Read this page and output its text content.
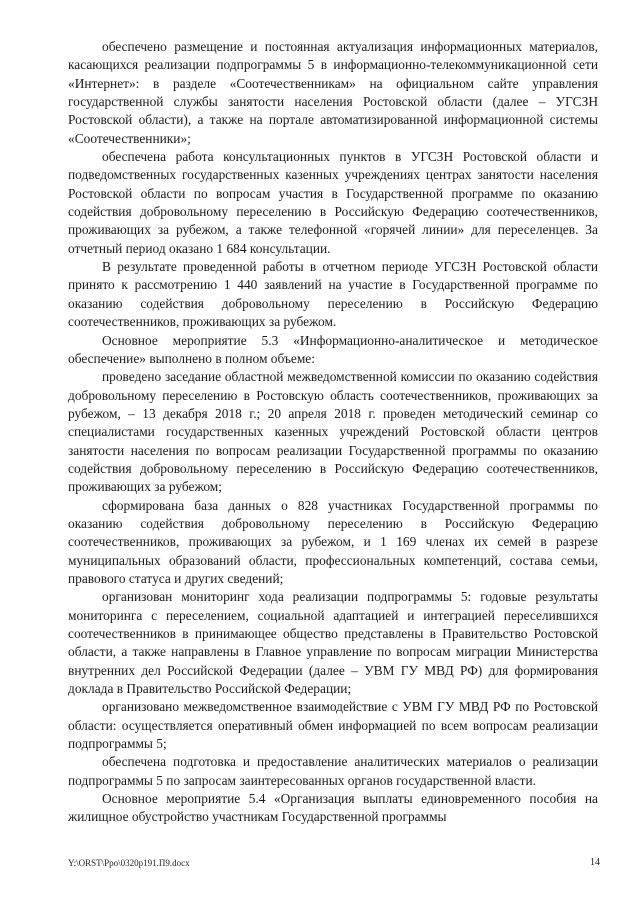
обеспечено размещение и постоянная актуализация информационных материалов, касающихся реализации подпрограммы 5 в информационно-телекоммуникационной сети «Интернет»: в разделе «Соотечественникам» на официальном сайте управления государственной службы занятости населения Ростовской области (далее – УГСЗН Ростовской области), а также на портале автоматизированной информационной системы «Соотечественники»;

обеспечена работа консультационных пунктов в УГСЗН Ростовской области и подведомственных государственных казенных учреждениях центрах занятости населения Ростовской области по вопросам участия в Государственной программе по оказанию содействия добровольному переселению в Российскую Федерацию соотечественников, проживающих за рубежом, а также телефонной «горячей линии» для переселенцев. За отчетный период оказано 1 684 консультации.

В результате проведенной работы в отчетном периоде УГСЗН Ростовской области принято к рассмотрению 1 440 заявлений на участие в Государственной программе по оказанию содействия добровольному переселению в Российскую Федерацию соотечественников, проживающих за рубежом.

Основное мероприятие 5.3 «Информационно-аналитическое и методическое обеспечение» выполнено в полном объеме:

проведено заседание областной межведомственной комиссии по оказанию содействия добровольному переселению в Ростовскую область соотечественников, проживающих за рубежом, – 13 декабря 2018 г.; 20 апреля 2018 г. проведен методический семинар со специалистами государственных казенных учреждений Ростовской области центров занятости населения по вопросам реализации Государственной программы по оказанию содействия добровольному переселению в Российскую Федерацию соотечественников, проживающих за рубежом;

сформирована база данных о 828 участниках Государственной программы по оказанию содействия добровольному переселению в Российскую Федерацию соотечественников, проживающих за рубежом, и 1 169 членах их семей в разрезе муниципальных образований области, профессиональных компетенций, состава семьи, правового статуса и других сведений;

организован мониторинг хода реализации подпрограммы 5: годовые результаты мониторинга с переселением, социальной адаптацией и интеграцией переселившихся соотечественников в принимающее общество представлены в Правительство Ростовской области, а также направлены в Главное управление по вопросам миграции Министерства внутренних дел Российской Федерации (далее – УВМ ГУ МВД РФ) для формирования доклада в Правительство Российской Федерации;

организовано межведомственное взаимодействие с УВМ ГУ МВД РФ по Ростовской области: осуществляется оперативный обмен информацией по всем вопросам реализации подпрограммы 5;

обеспечена подготовка и предоставление аналитических материалов о реализации подпрограммы 5 по запросам заинтересованных органов государственной власти.

Основное мероприятие 5.4 «Организация выплаты единовременного пособия на жилищное обустройство участникам Государственной программы

Y:\ORST\Ppo\0320p191.П9.docx	14
